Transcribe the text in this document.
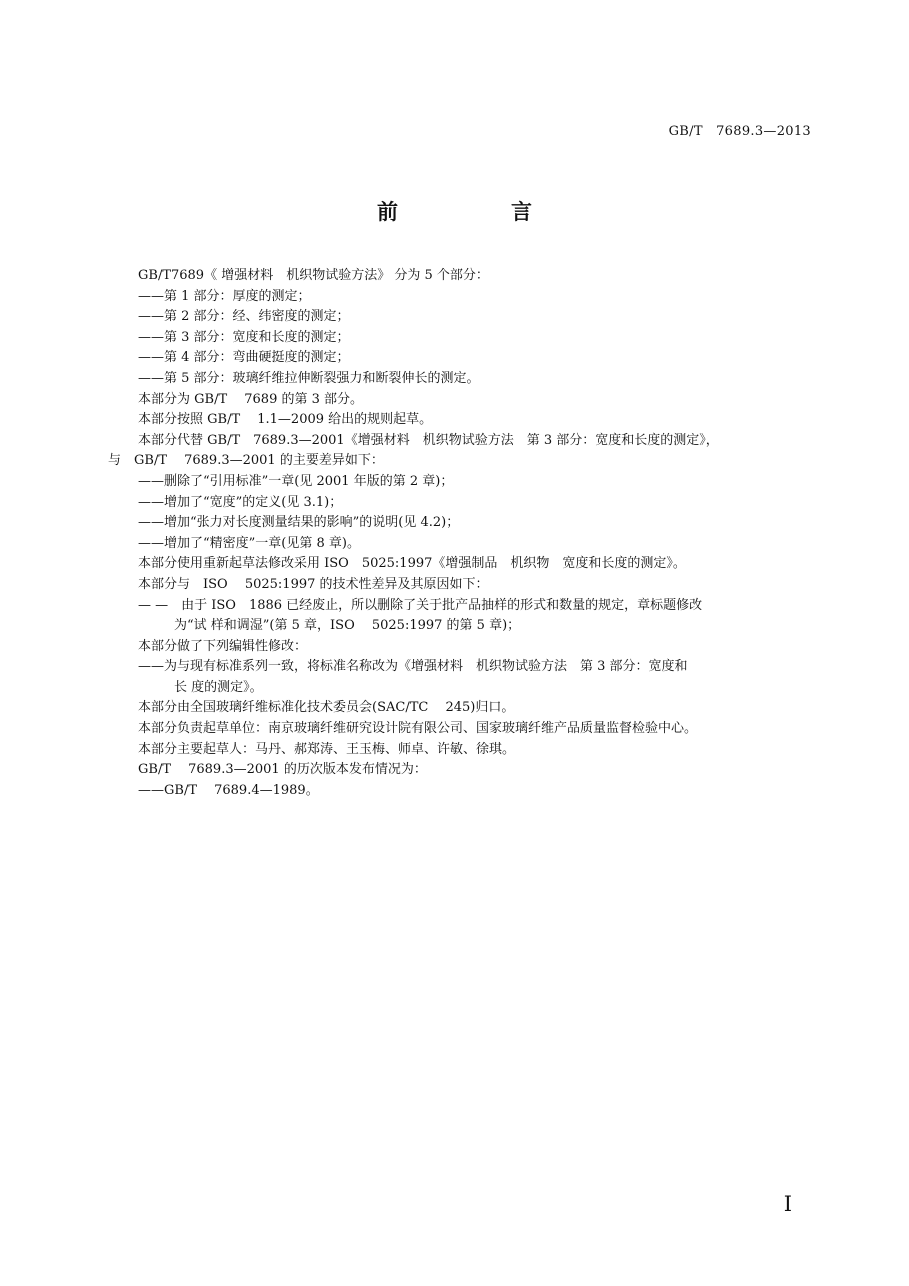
GB/T　7689.3—2013
前　言
GB/T7689《 增强材料　机织物试验方法》 分为 5 个部分：
——第 1 部分：厚度的测定；
——第 2 部分：经、纬密度的测定；
——第 3 部分：宽度和长度的测定；
——第 4 部分：弯曲硬挺度的测定；
——第 5 部分：玻璃纤维拉伸断裂强力和断裂伸长的测定。
本部分为 GB/T　 7689 的第 3 部分。
本部分按照 GB/T　 1.1—2009 给出的规则起草。
本部分代替 GB/T　7689.3—2001《增强材料　机织物试验方法　第 3 部分：宽度和长度的测定》，
与　GB/T　 7689.3—2001 的主要差异如下：
——删除了“引用标准”一章(见 2001 年版的第 2 章)；
——增加了“宽度”的定义(见 3.1)；
——增加“张力对长度测量结果的影响”的说明(见 4.2)；
——增加了“精密度”一章(见第 8 章)。
本部分使用重新起草法修改采用 ISO　5025:1997《增强制品　机织物　宽度和长度的测定》。
本部分与　ISO　 5025:1997 的技术性差异及其原因如下：
— —　由于 ISO　1886 已经废止，所以删除了关于批产品抽样的形式和数量的规定，章标题修改
为“试 样和调湿”(第 5 章，ISO　 5025:1997 的第 5 章)；
本部分做了下列编辑性修改：
——为与现有标准系列一致，将标准名称改为《增强材料　机织物试验方法　第 3 部分：宽度和
长 度的测定》。
本部分由全国玻璃纤维标准化技术委员会(SAC/TC　 245)归口。
本部分负责起草单位：南京玻璃纤维研究设计院有限公司、国家玻璃纤维产品质量监督检验中心。
本部分主要起草人：马丹、郝郑涛、王玉梅、师卓、许敏、徐琪。
GB/T　 7689.3—2001 的历次版本发布情况为：
——GB/T　 7689.4—1989。
I
